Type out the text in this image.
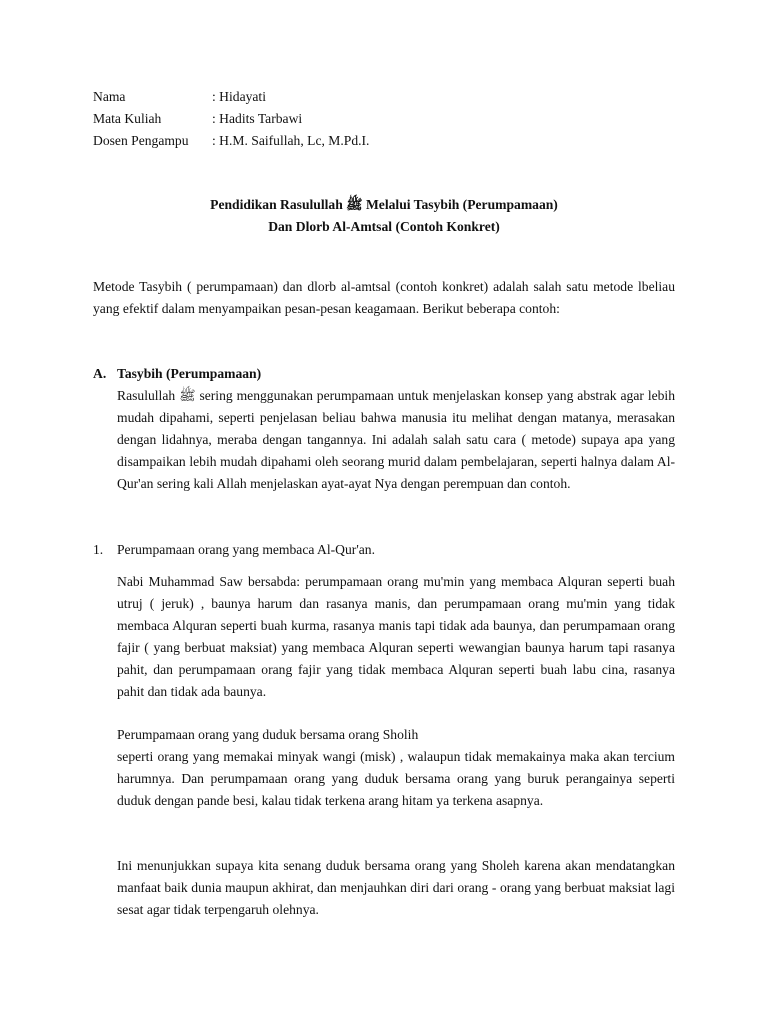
Nama	: Hidayati
Mata Kuliah	: Hadits Tarbawi
Dosen Pengampu	: H.M. Saifullah, Lc, M.Pd.I.
Pendidikan Rasulullah ﷺ Melalui Tasybih (Perumpamaan)
Dan Dlorb Al-Amtsal (Contoh Konkret)

Metode Tasybih ( perumpamaan) dan dlorb al-amtsal (contoh konkret) adalah salah satu metode lbeliau yang efektif dalam menyampaikan pesan-pesan keagamaan. Berikut beberapa contoh:

A. Tasybih (Perumpamaan)

Rasulullah ﷺ sering menggunakan perumpamaan untuk menjelaskan konsep yang abstrak agar lebih mudah dipahami, seperti penjelasan beliau bahwa manusia itu melihat dengan matanya, merasakan dengan lidahnya, meraba dengan tangannya. Ini adalah salah satu cara ( metode) supaya apa yang disampaikan lebih mudah dipahami oleh seorang murid dalam pembelajaran, seperti halnya dalam Al-Qur'an sering kali Allah menjelaskan ayat-ayat Nya dengan perempuan dan contoh.

1. Perumpamaan orang yang membaca Al-Qur'an.

Nabi Muhammad Saw bersabda: perumpamaan orang mu'min yang membaca Alquran seperti buah utruj ( jeruk) , baunya harum dan rasanya manis, dan perumpamaan orang mu'min yang tidak membaca Alquran seperti buah kurma, rasanya manis tapi tidak ada baunya, dan perumpamaan orang fajir ( yang berbuat maksiat) yang membaca Alquran seperti wewangian baunya harum tapi rasanya pahit, dan perumpamaan orang fajir yang tidak membaca Alquran seperti buah labu cina, rasanya pahit dan tidak ada baunya.

Perumpamaan orang yang duduk bersama orang Sholih

seperti orang yang memakai minyak wangi (misk) , walaupun tidak memakainya maka akan tercium harumnya. Dan perumpamaan orang yang duduk bersama orang yang buruk perangainya seperti duduk dengan pande besi, kalau tidak terkena arang hitam ya terkena asapnya.

Ini menunjukkan supaya kita senang duduk bersama orang yang Sholeh karena akan mendatangkan manfaat baik dunia maupun akhirat, dan menjauhkan diri dari orang - orang yang berbuat maksiat lagi sesat agar tidak terpengaruh olehnya.
